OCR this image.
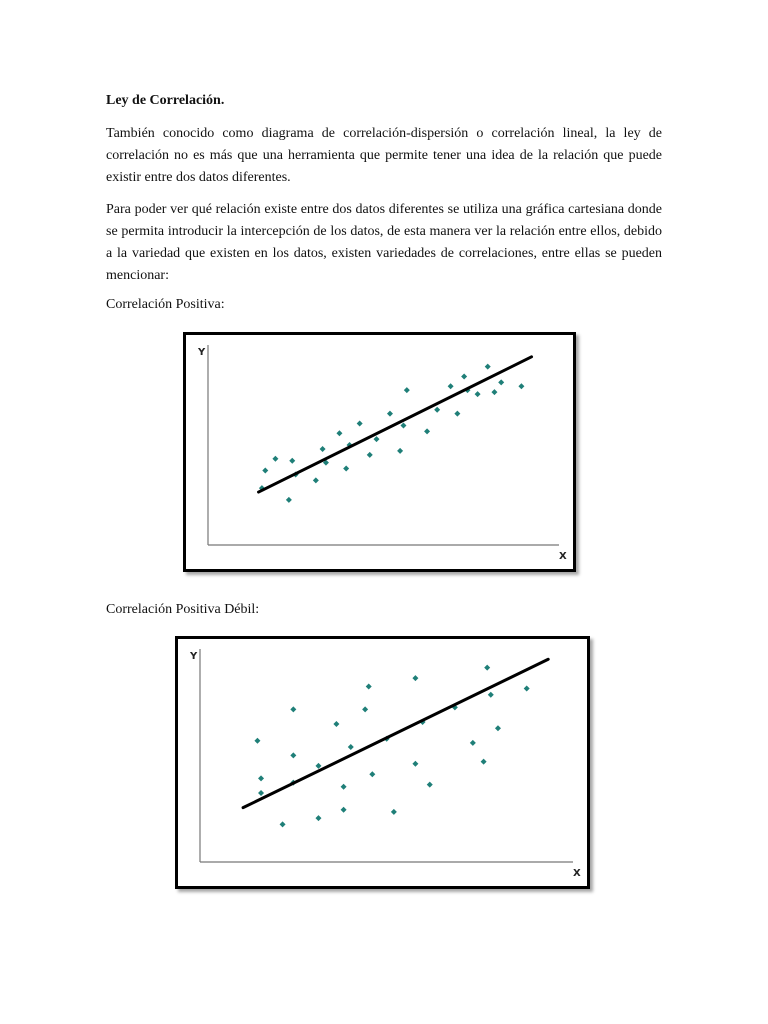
Ley de Correlación.
También conocido como diagrama de correlación-dispersión o correlación lineal, la ley de correlación no es más que una herramienta que permite tener una idea de la relación que puede existir entre dos datos diferentes.
Para poder ver qué relación existe entre dos datos diferentes se utiliza una gráfica cartesiana donde se permita introducir la intercepción de los datos, de esta manera ver la relación entre ellos, debido a la variedad que existen en los datos, existen variedades de correlaciones, entre ellas se pueden mencionar:
Correlación Positiva:
Y
X
Correlación Positiva Débil:
Y
X
